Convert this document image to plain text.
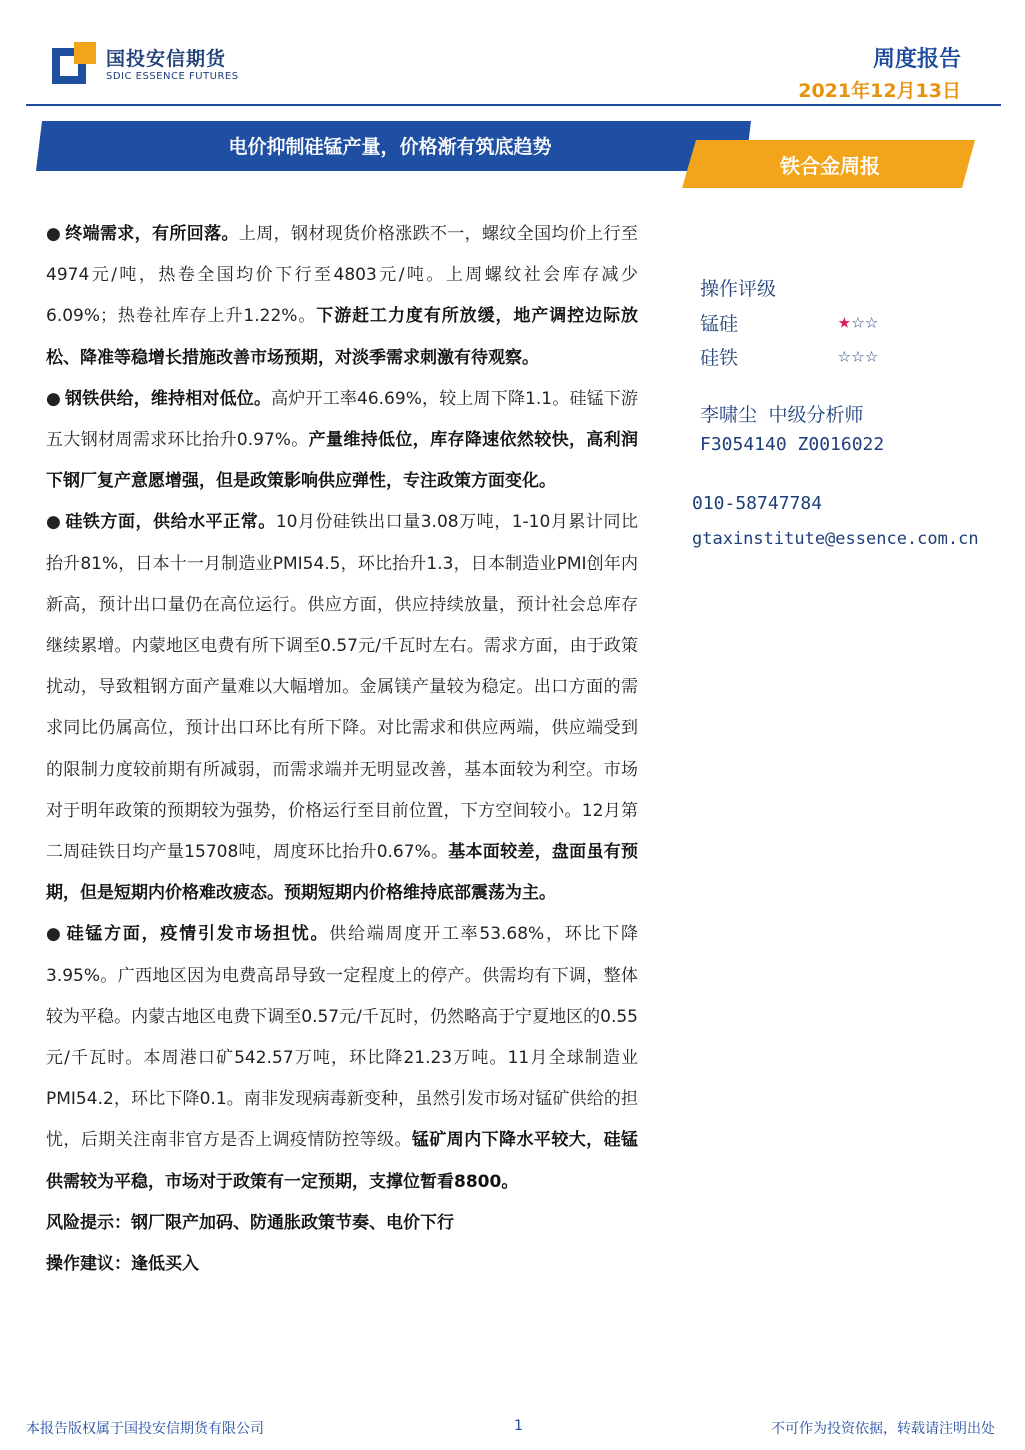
国投安信期货
SDIC ESSENCE FUTURES
周度报告
2021年12月13日
电价抑制硅锰产量，价格渐有筑底趋势
铁合金周报

● 终端需求，有所回落。上周，钢材现货价格涨跌不一，螺纹全国均价上行至4974元/吨，热卷全国均价下行至4803元/吨。上周螺纹社会库存减少6.09%；热卷社库存上升1.22%。下游赶工力度有所放缓，地产调控边际放松、降准等稳增长措施改善市场预期，对淡季需求刺激有待观察。

● 钢铁供给，维持相对低位。高炉开工率46.69%，较上周下降1.1。硅锰下游五大钢材周需求环比抬升0.97%。产量维持低位，库存降速依然较快，高利润下钢厂复产意愿增强，但是政策影响供应弹性，专注政策方面变化。

● 硅铁方面，供给水平正常。10月份硅铁出口量3.08万吨，1-10月累计同比抬升81%，日本十一月制造业PMI54.5，环比抬升1.3，日本制造业PMI创年内新高，预计出口量仍在高位运行。供应方面，供应持续放量，预计社会总库存继续累增。内蒙地区电费有所下调至0.57元/千瓦时左右。需求方面，由于政策扰动，导致粗钢方面产量难以大幅增加。金属镁产量较为稳定。出口方面的需求同比仍属高位，预计出口环比有所下降。对比需求和供应两端，供应端受到的限制力度较前期有所减弱，而需求端并无明显改善，基本面较为利空。市场对于明年政策的预期较为强势，价格运行至目前位置，下方空间较小。12月第二周硅铁日均产量15708吨，周度环比抬升0.67%。基本面较差，盘面虽有预期，但是短期内价格难改疲态。预期短期内价格维持底部震荡为主。

● 硅锰方面，疫情引发市场担忧。供给端周度开工率53.68%，环比下降3.95%。广西地区因为电费高昂导致一定程度上的停产。供需均有下调，整体较为平稳。内蒙古地区电费下调至0.57元/千瓦时，仍然略高于宁夏地区的0.55元/千瓦时。本周港口矿542.57万吨，环比降21.23万吨。11月全球制造业PMI54.2，环比下降0.1。南非发现病毒新变种，虽然引发市场对锰矿供给的担忧，后期关注南非官方是否上调疫情防控等级。锰矿周内下降水平较大，硅锰供需较为平稳，市场对于政策有一定预期，支撑位暂看8800。

风险提示：钢厂限产加码、防通胀政策节奏、电价下行

操作建议：逢低买入

操作评级
锰硅	★☆☆
硅铁	☆☆☆
李啸尘 中级分析师
F3054140 Z0016022
010-58747784
gtaxinstitute@essence.com.cn
本报告版权属于国投安信期货有限公司	1	不可作为投资依据，转载请注明出处
